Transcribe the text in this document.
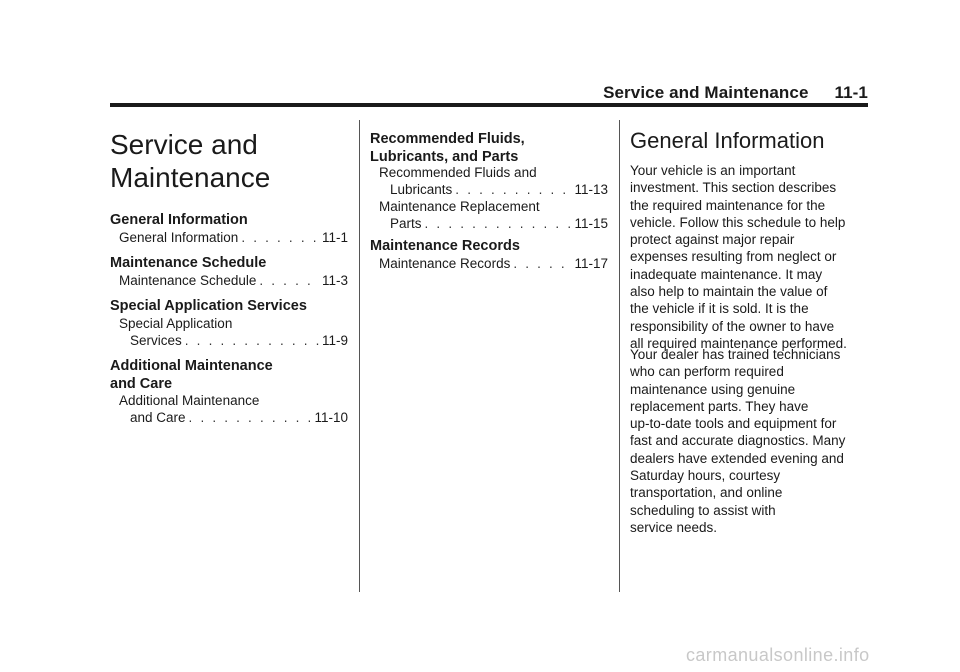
Service and Maintenance 11-1
Service and
Maintenance
General Information
General Information . . .	11-1
Maintenance Schedule
Maintenance Schedule . . .	11-3
Special Application Services
Special Application
Services . . .	11-9
Additional Maintenance
and Care
Additional Maintenance
and Care . . .	11-10
Recommended Fluids,
Lubricants, and Parts
Recommended Fluids and
Lubricants . . .	11-13
Maintenance Replacement
Parts . . .	11-15
Maintenance Records
Maintenance Records . . .	11-17
General Information

Your vehicle is an important
investment. This section describes
the required maintenance for the
vehicle. Follow this schedule to help
protect against major repair
expenses resulting from neglect or
inadequate maintenance. It may
also help to maintain the value of
the vehicle if it is sold. It is the
responsibility of the owner to have
all required maintenance performed.

Your dealer has trained technicians
who can perform required
maintenance using genuine
replacement parts. They have
up-to-date tools and equipment for
fast and accurate diagnostics. Many
dealers have extended evening and
Saturday hours, courtesy
transportation, and online
scheduling to assist with
service needs.

carmanualsonline.info
